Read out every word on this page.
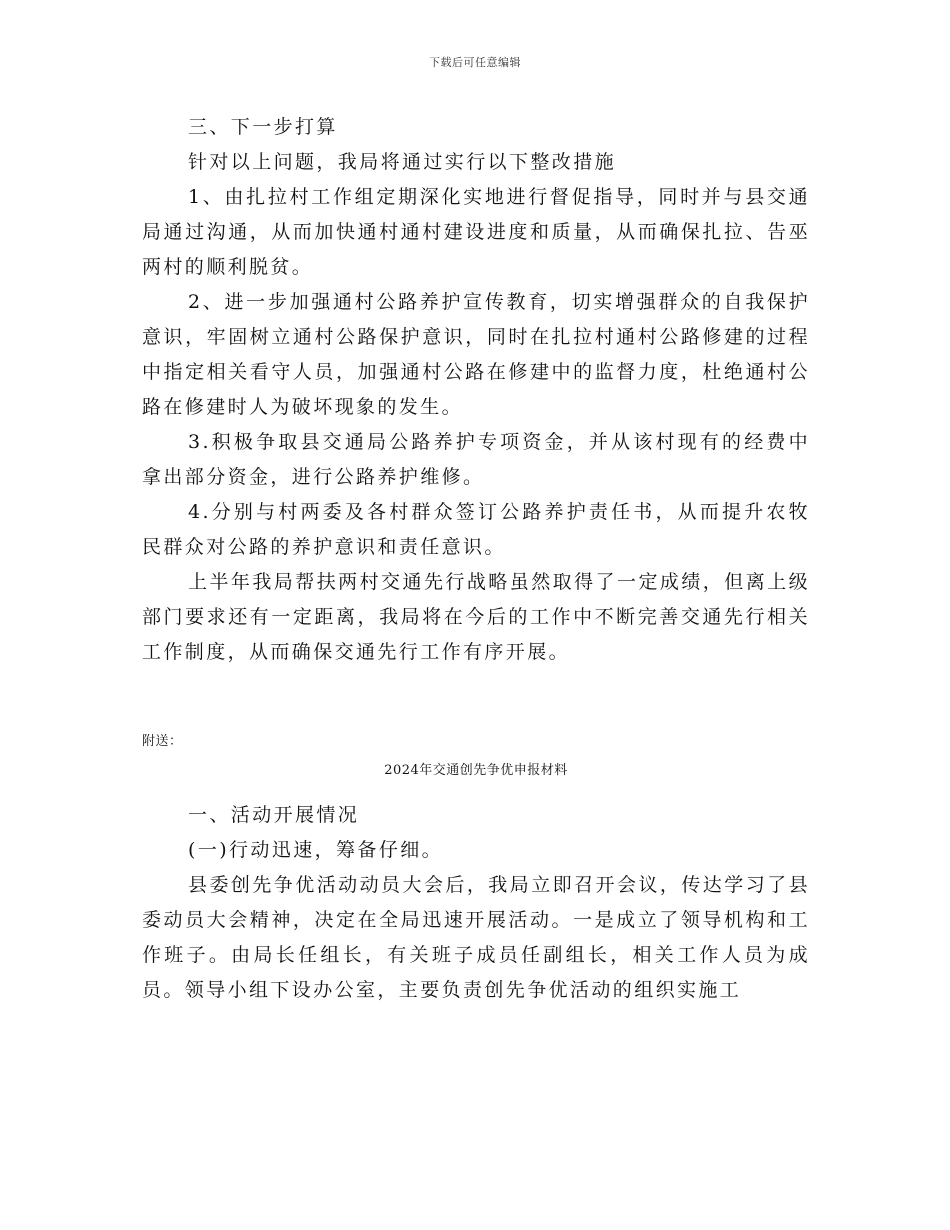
下载后可任意编辑

三、下一步打算

针对以上问题，我局将通过实行以下整改措施

1、由扎拉村工作组定期深化实地进行督促指导，同时并与县交通局通过沟通，从而加快通村通村建设进度和质量，从而确保扎拉、告巫两村的顺利脱贫。

2、进一步加强通村公路养护宣传教育，切实增强群众的自我保护意识，牢固树立通村公路保护意识，同时在扎拉村通村公路修建的过程中指定相关看守人员，加强通村公路在修建中的监督力度，杜绝通村公路在修建时人为破坏现象的发生。

3.积极争取县交通局公路养护专项资金，并从该村现有的经费中拿出部分资金，进行公路养护维修。

4.分别与村两委及各村群众签订公路养护责任书，从而提升农牧民群众对公路的养护意识和责任意识。

上半年我局帮扶两村交通先行战略虽然取得了一定成绩，但离上级部门要求还有一定距离，我局将在今后的工作中不断完善交通先行相关工作制度，从而确保交通先行工作有序开展。

附送：

2024年交通创先争优申报材料

一、活动开展情况

(一)行动迅速，筹备仔细。

县委创先争优活动动员大会后，我局立即召开会议，传达学习了县委动员大会精神，决定在全局迅速开展活动。一是成立了领导机构和工作班子。由局长任组长，有关班子成员任副组长，相关工作人员为成员。领导小组下设办公室，主要负责创先争优活动的组织实施工
